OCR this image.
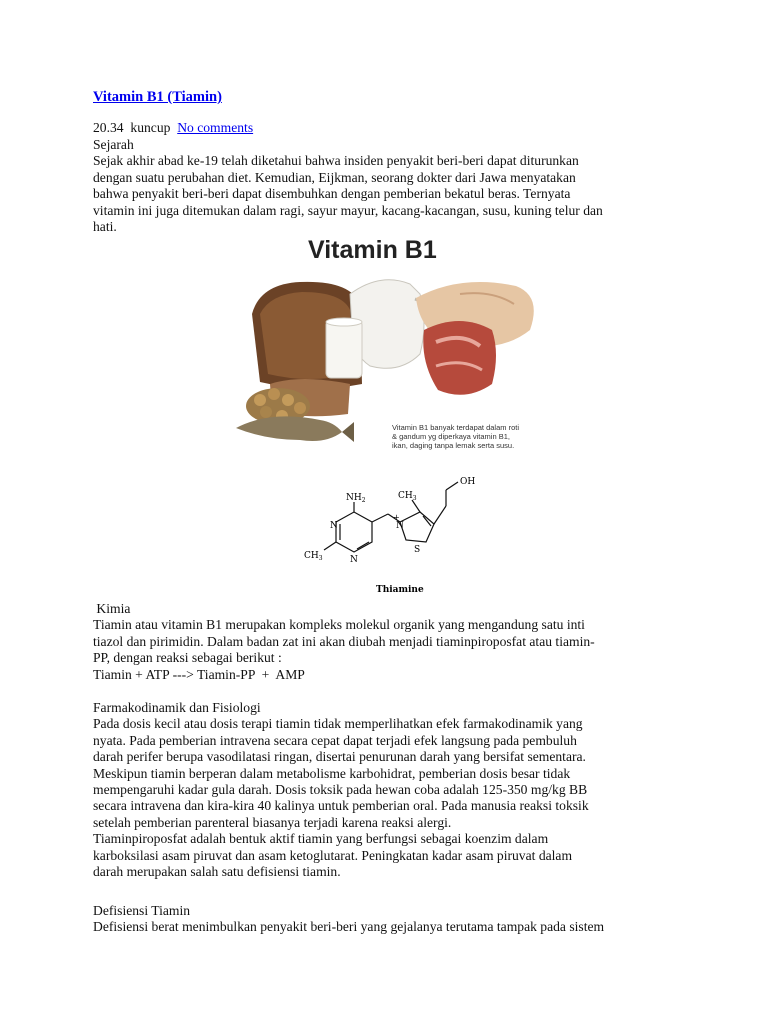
Vitamin B1 (Tiamin)
20.34 kuncup No comments

Sejarah

Sejak akhir abad ke-19 telah diketahui bahwa insiden penyakit beri-beri dapat diturunkan

dengan suatu perubahan diet. Kemudian, Eijkman, seorang dokter dari Jawa menyatakan

bahwa penyakit beri-beri dapat disembuhkan dengan pemberian bekatul beras. Ternyata

vitamin ini juga ditemukan dalam ragi, sayur mayur, kacang-kacangan, susu, kuning telur dan

hati.

Vitamin B1
Vitamin B1 banyak terdapat dalam roti
& gandum yg diperkaya vitamin B1,
ikan, daging tanpa lemak serta susu.
$NH_2$
N
N
$CH_3$
N
+
S
$CH_3$
OH
Thiamine

Kimia

Tiamin atau vitamin B1 merupakan kompleks molekul organik yang mengandung satu inti

tiazol dan pirimidin. Dalam badan zat ini akan diubah menjadi tiaminpiroposfat atau tiamin-

PP, dengan reaksi sebagai berikut :

Tiamin + ATP ---> Tiamin-PP  +  AMP

Farmakodinamik dan Fisiologi

Pada dosis kecil atau dosis terapi tiamin tidak memperlihatkan efek farmakodinamik yang

nyata. Pada pemberian intravena secara cepat dapat terjadi efek langsung pada pembuluh

darah perifer berupa vasodilatasi ringan, disertai penurunan darah yang bersifat sementara.

Meskipun tiamin berperan dalam metabolisme karbohidrat, pemberian dosis besar tidak

mempengaruhi kadar gula darah. Dosis toksik pada hewan coba adalah 125-350 mg/kg BB

secara intravena dan kira-kira 40 kalinya untuk pemberian oral. Pada manusia reaksi toksik

setelah pemberian parenteral biasanya terjadi karena reaksi alergi.

Tiaminpiroposfat adalah bentuk aktif tiamin yang berfungsi sebagai koenzim dalam

karboksilasi asam piruvat dan asam ketoglutarat. Peningkatan kadar asam piruvat dalam

darah merupakan salah satu defisiensi tiamin.

Defisiensi Tiamin

Defisiensi berat menimbulkan penyakit beri-beri yang gejalanya terutama tampak pada sistem
